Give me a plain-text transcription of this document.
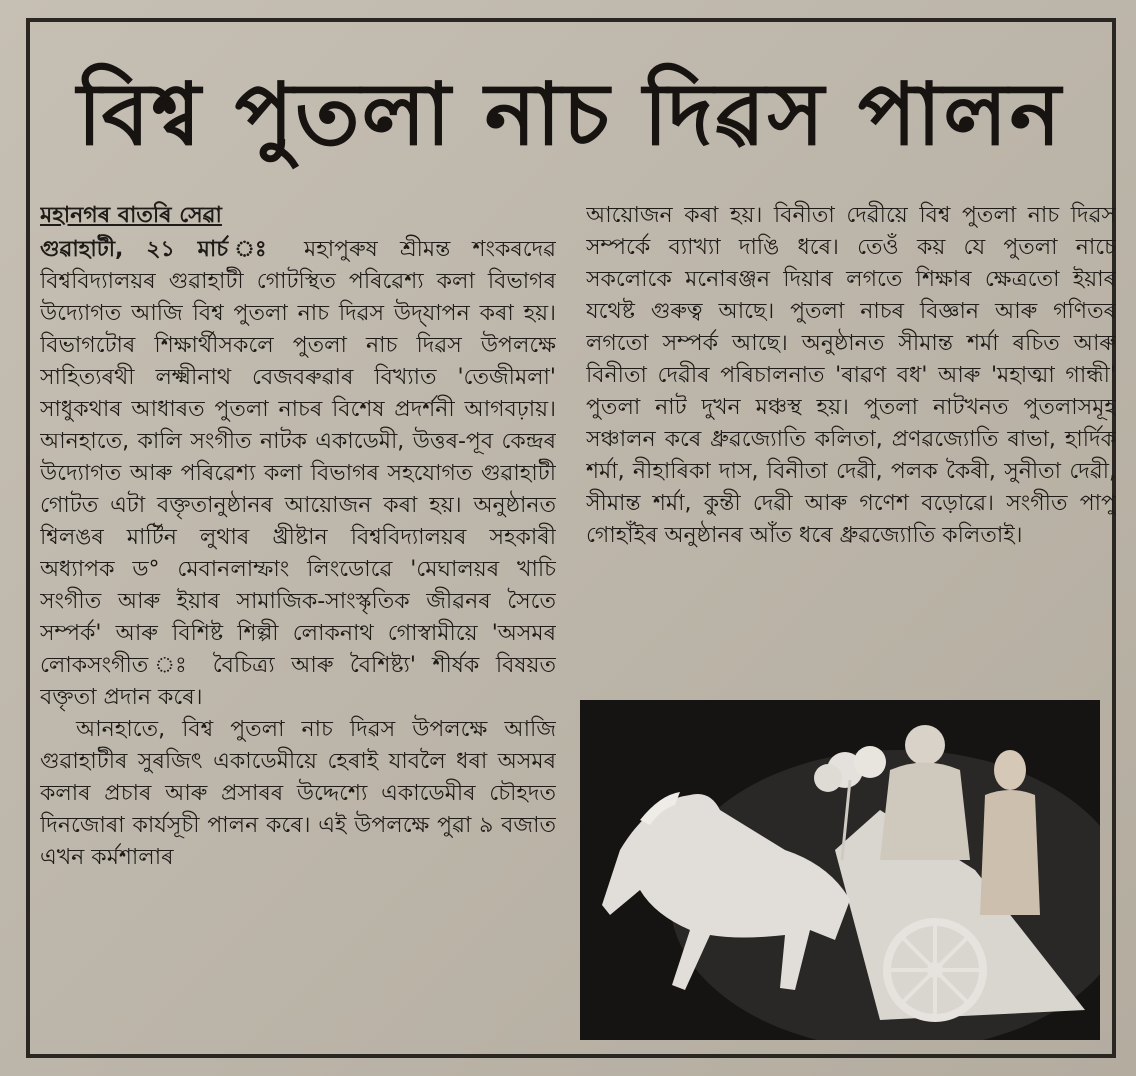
বিশ্ব পুতলা নাচ দিৱস পালন
মহানগৰ বাতৰি সেৱা

গুৱাহাটী, ২১ মাৰ্চ ঃ মহাপুৰুষ শ্ৰীমন্ত শংকৰদেৱ বিশ্ববিদ্যালয়ৰ গুৱাহাটী গোটস্থিত পৰিৱেশ্য কলা বিভাগৰ উদ্যোগত আজি বিশ্ব পুতলা নাচ দিৱস উদ্‌যাপন কৰা হয়। বিভাগটোৰ শিক্ষাৰ্থীসকলে পুতলা নাচ দিৱস উপলক্ষে সাহিত্যৰথী লক্ষ্মীনাথ বেজবৰুৱাৰ বিখ্যাত 'তেজীমলা' সাধুকথাৰ আধাৰত পুতলা নাচৰ বিশেষ প্ৰদৰ্শনী আগবঢ়ায়। আনহাতে, কালি সংগীত নাটক একাডেমী, উত্তৰ-পূব কেন্দ্ৰৰ উদ্যোগত আৰু পৰিৱেশ্য কলা বিভাগৰ সহযোগত গুৱাহাটী গোটত এটা বক্তৃতানুষ্ঠানৰ আয়োজন কৰা হয়। অনুষ্ঠানত শ্বিলঙৰ মাৰ্টিন লুথাৰ খ্ৰীষ্টান বিশ্ববিদ্যালয়ৰ সহকাৰী অধ্যাপক ড° মেবানলাম্ফাং লিংডোৱে 'মেঘালয়ৰ খাচি সংগীত আৰু ইয়াৰ সামাজিক-সাংস্কৃতিক জীৱনৰ সৈতে সম্পৰ্ক' আৰু বিশিষ্ট শিল্পী লোকনাথ গোস্বামীয়ে 'অসমৰ লোকসংগীত ঃ বৈচিত্ৰ্য আৰু বৈশিষ্ট্য' শীৰ্ষক বিষয়ত বক্তৃতা প্ৰদান কৰে।

আনহাতে, বিশ্ব পুতলা নাচ দিৱস উপলক্ষে আজি গুৱাহাটীৰ সুৰজিৎ একাডেমীয়ে হেৰাই যাবলৈ ধৰা অসমৰ কলাৰ প্ৰচাৰ আৰু প্ৰসাৰৰ উদ্দেশ্যে একাডেমীৰ চৌহদত দিনজোৰা কাৰ্যসূচী পালন কৰে। এই উপলক্ষে পুৱা ৯ বজাত এখন কৰ্মশালাৰ

আয়োজন কৰা হয়। বিনীতা দেৱীয়ে বিশ্ব পুতলা নাচ দিৱস সম্পৰ্কে ব্যাখ্যা দাঙি ধৰে। তেওঁ কয় যে পুতলা নাচে সকলোকে মনোৰঞ্জন দিয়াৰ লগতে শিক্ষাৰ ক্ষেত্ৰতো ইয়াৰ যথেষ্ট গুৰুত্ব আছে। পুতলা নাচৰ বিজ্ঞান আৰু গণিতৰ লগতো সম্পৰ্ক আছে। অনুষ্ঠানত সীমান্ত শৰ্মা ৰচিত আৰু বিনীতা দেৱীৰ পৰিচালনাত 'ৰাৱণ বধ' আৰু 'মহাত্মা গান্ধী' পুতলা নাট দুখন মঞ্চস্থ হয়। পুতলা নাটখনত পুতলাসমূহ সঞ্চালন কৰে ধ্ৰুৱজ্যোতি কলিতা, প্ৰণৱজ্যোতি ৰাভা, হাৰ্দিক শৰ্মা, নীহাৰিকা দাস, বিনীতা দেৱী, পলক কৈৰী, সুনীতা দেৱী, সীমান্ত শৰ্মা, কুন্তী দেৱী আৰু গণেশ বড়োৱে। সংগীত পাপু গোহাঁইৰ অনুষ্ঠানৰ আঁত ধৰে ধ্ৰুৱজ্যোতি কলিতাই।
